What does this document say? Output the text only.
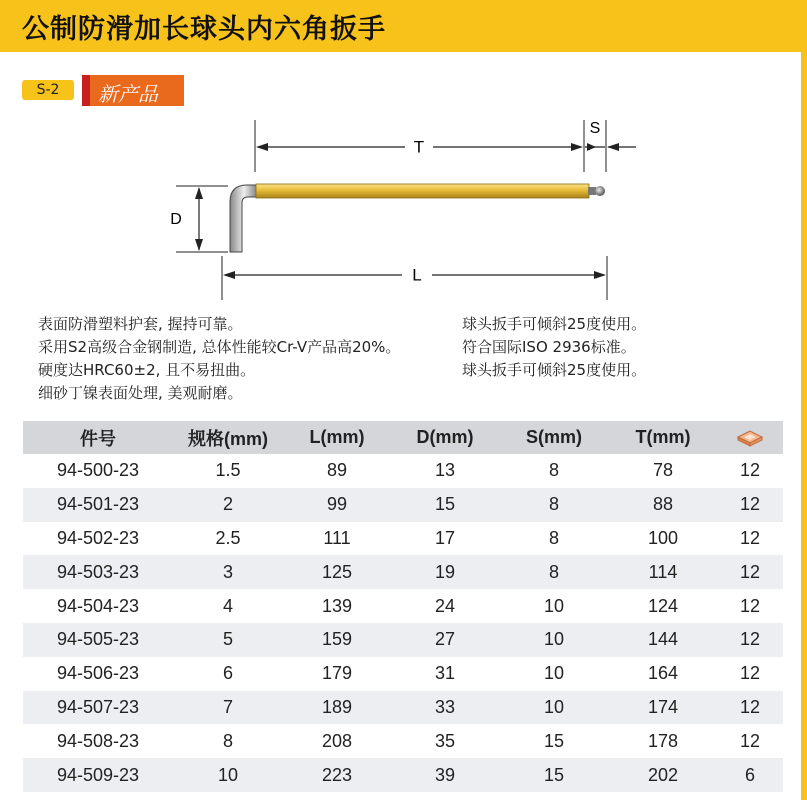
公制防滑加长球头内六角扳手
S-2	新产品
T
S
D
L
表面防滑塑料护套, 握持可靠。
采用S2高级合金钢制造, 总体性能较Cr-V产品高20%。
硬度达HRC60±2, 且不易扭曲。
细砂丁镍表面处理, 美观耐磨。
球头扳手可倾斜25度使用。
符合国际ISO 2936标准。
球头扳手可倾斜25度使用。
件号	规格(mm)	L(mm)	D(mm)	S(mm)	T(mm)
94-500-23	1.5	89	13	8	78	12
94-501-23	2	99	15	8	88	12
94-502-23	2.5	111	17	8	100	12
94-503-23	3	125	19	8	114	12
94-504-23	4	139	24	10	124	12
94-505-23	5	159	27	10	144	12
94-506-23	6	179	31	10	164	12
94-507-23	7	189	33	10	174	12
94-508-23	8	208	35	15	178	12
94-509-23	10	223	39	15	202	6
